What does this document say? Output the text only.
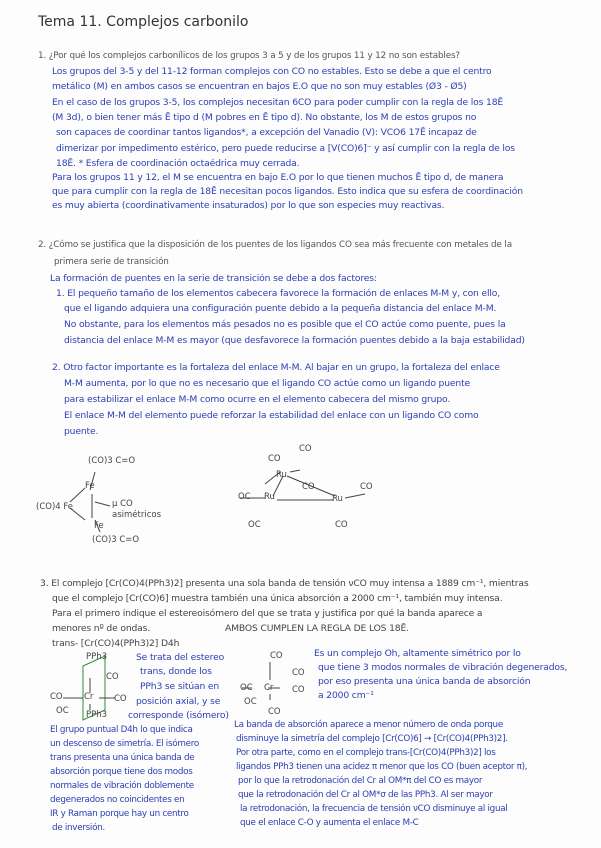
Tema 11. Complejos carbonilo
1. ¿Por qué los complejos carbonílicos de los grupos 3 a 5 y de los grupos 11 y 12 no son estables?
Los grupos del 3-5 y del 11-12 forman complejos con CO no estables. Esto se debe a que el centro
metálico (M) en ambos casos se encuentran en bajos E.O que no son muy estables (Ø3 - Ø5)
En el caso de los grupos 3-5, los complejos necesitan 6CO para poder cumplir con la regla de los 18Ē
(M 3d), o bien tener más Ē tipo d (M pobres en Ē tipo d). No obstante, los M de estos grupos no
son capaces de coordinar tantos ligandos*, a excepción del Vanadio (V): VCO6 17Ē incapaz de
dimerizar por impedimento estérico, pero puede reducirse a [V(CO)6]⁻ y así cumplir con la regla de los
18Ē. * Esfera de coordinación octaédrica muy cerrada.
Para los grupos 11 y 12, el M se encuentra en bajo E.O por lo que tienen muchos Ē tipo d, de manera
que para cumplir con la regla de 18Ē necesitan pocos ligandos. Esto indica que su esfera de coordinación
es muy abierta (coordinativamente insaturados) por lo que son especies muy reactivas.
2. ¿Cómo se justifica que la disposición de los puentes de los ligandos CO sea más frecuente con metales de la
primera serie de transición
La formación de puentes en la serie de transición se debe a dos factores:
1. El pequeño tamaño de los elementos cabecera favorece la formación de enlaces M-M y, con ello,
que el ligando adquiera una configuración puente debido a la pequeña distancia del enlace M-M.
No obstante, para los elementos más pesados no es posible que el CO actúe como puente, pues la
distancia del enlace M-M es mayor (que desfavorece la formación puentes debido a la baja estabilidad)
2. Otro factor importante es la fortaleza del enlace M-M. Al bajar en un grupo, la fortaleza del enlace
M-M aumenta, por lo que no es necesario que el ligando CO actúe como un ligando puente
para estabilizar el enlace M-M como ocurre en el elemento cabecera del mismo grupo.
El enlace M-M del elemento puede reforzar la estabilidad del enlace con un ligando CO como
puente.
(CO)3 C=O
Fe
(CO)4 Fe	μ CO
asimétricos
Fe
(CO)3 C=O
CO
CO
Ru
OC Ru
CO
Ru
CO
OC	CO
3. El complejo [Cr(CO)4(PPh3)2] presenta una sola banda de tensión νCO muy intensa a 1889 cm⁻¹, mientras
que el complejo [Cr(CO)6] muestra también una única absorción a 2000 cm⁻¹, también muy intensa.
Para el primero indique el estereoisómero del que se trata y justifica por qué la banda aparece a
menores nº de ondas.	AMBOS CUMPLEN LA REGLA DE LOS 18Ē.
trans- [Cr(CO)4(PPh3)2] D4h
PPh3
CO
CO	Cr CO
OC PPh3
Se trata del estereo
trans, donde los
PPh3 se sitúan en
posición axial, y se
corresponde (isómero)
CO
CO
OC Cr CO
OC
CO
Es un complejo Oh, altamente simétrico por lo
que tiene 3 modos normales de vibración degenerados,
por eso presenta una única banda de absorción
a 2000 cm⁻¹
El grupo puntual D4h lo que indica
un descenso de simetría. El isómero
trans presenta una única banda de
absorción porque tiene dos modos
normales de vibración doblemente
degenerados no coincidentes en
IR y Raman porque hay un centro
de inversión.
La banda de absorción aparece a menor número de onda porque
disminuye la simetría del complejo [Cr(CO)6] → [Cr(CO)4(PPh3)2].
Por otra parte, como en el complejo trans-[Cr(CO)4(PPh3)2] los
ligandos PPh3 tienen una acidez π menor que los CO (buen aceptor π),
por lo que la retrodonación del Cr al OM*π del CO es mayor
que la retrodonación del Cr al OM*σ de las PPh3. Al ser mayor
la retrodonación, la frecuencia de tensión νCO disminuye al igual
que el enlace C-O y aumenta el enlace M-C
